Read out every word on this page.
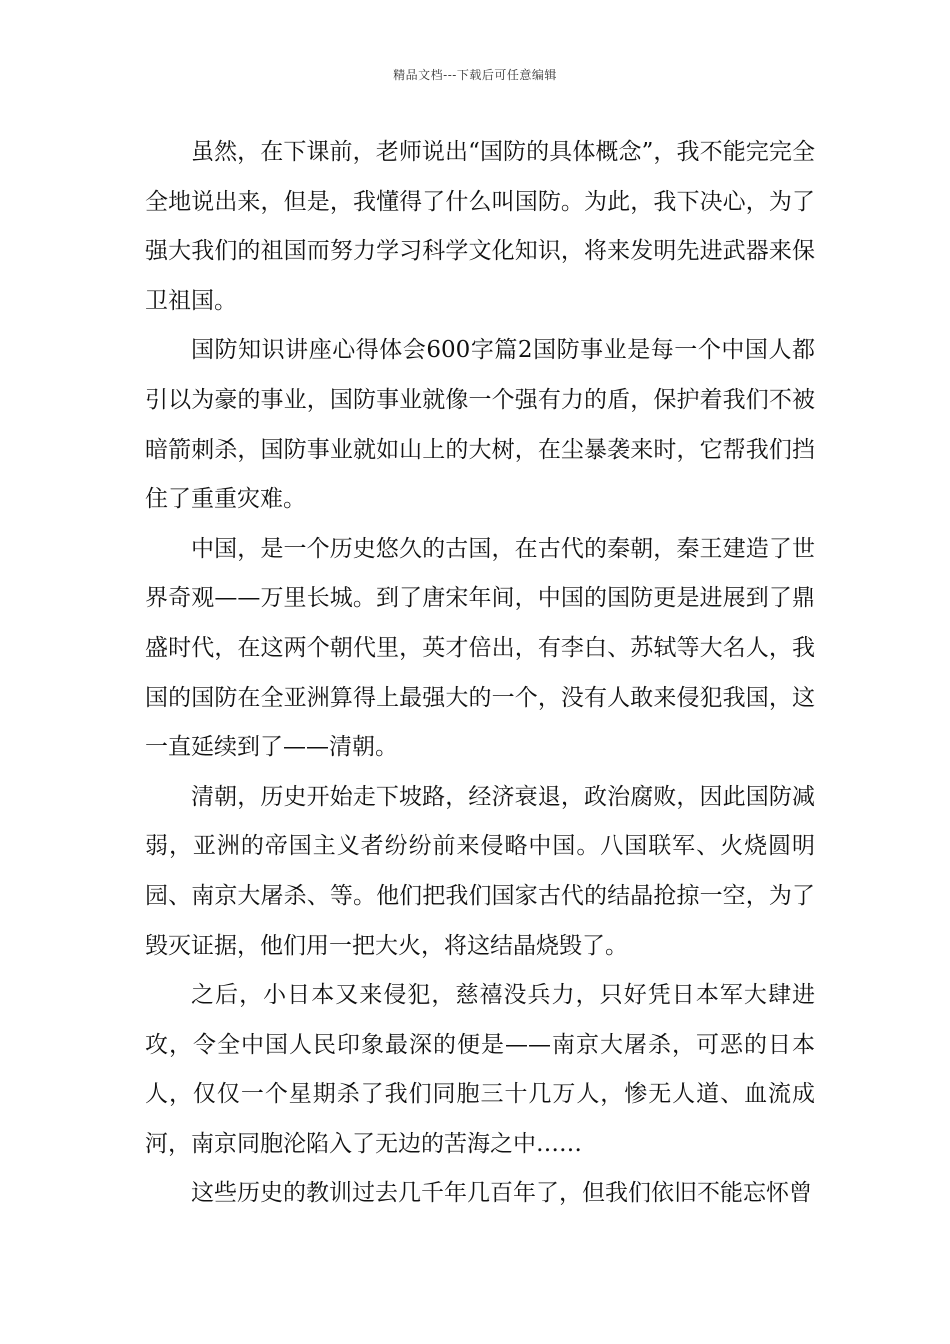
精品文档---下载后可任意编辑

虽然，在下课前，老师说出“国防的具体概念”，我不能完完全全地说出来，但是，我懂得了什么叫国防。为此，我下决心，为了强大我们的祖国而努力学习科学文化知识，将来发明先进武器来保卫祖国。

国防知识讲座心得体会600字篇2国防事业是每一个中国人都引以为豪的事业，国防事业就像一个强有力的盾，保护着我们不被暗箭刺杀，国防事业就如山上的大树，在尘暴袭来时，它帮我们挡住了重重灾难。

中国，是一个历史悠久的古国，在古代的秦朝，秦王建造了世界奇观——万里长城。到了唐宋年间，中国的国防更是进展到了鼎盛时代，在这两个朝代里，英才倍出，有李白、苏轼等大名人，我国的国防在全亚洲算得上最强大的一个，没有人敢来侵犯我国，这一直延续到了——清朝。

清朝，历史开始走下坡路，经济衰退，政治腐败，因此国防减弱，亚洲的帝国主义者纷纷前来侵略中国。八国联军、火烧圆明园、南京大屠杀、等。他们把我们国家古代的结晶抢掠一空，为了毁灭证据，他们用一把大火，将这结晶烧毁了。

之后，小日本又来侵犯，慈禧没兵力，只好凭日本军大肆进攻，令全中国人民印象最深的便是——南京大屠杀，可恶的日本人，仅仅一个星期杀了我们同胞三十几万人，惨无人道、血流成河，南京同胞沦陷入了无边的苦海之中……

这些历史的教训过去几千年几百年了，但我们依旧不能忘怀曾
